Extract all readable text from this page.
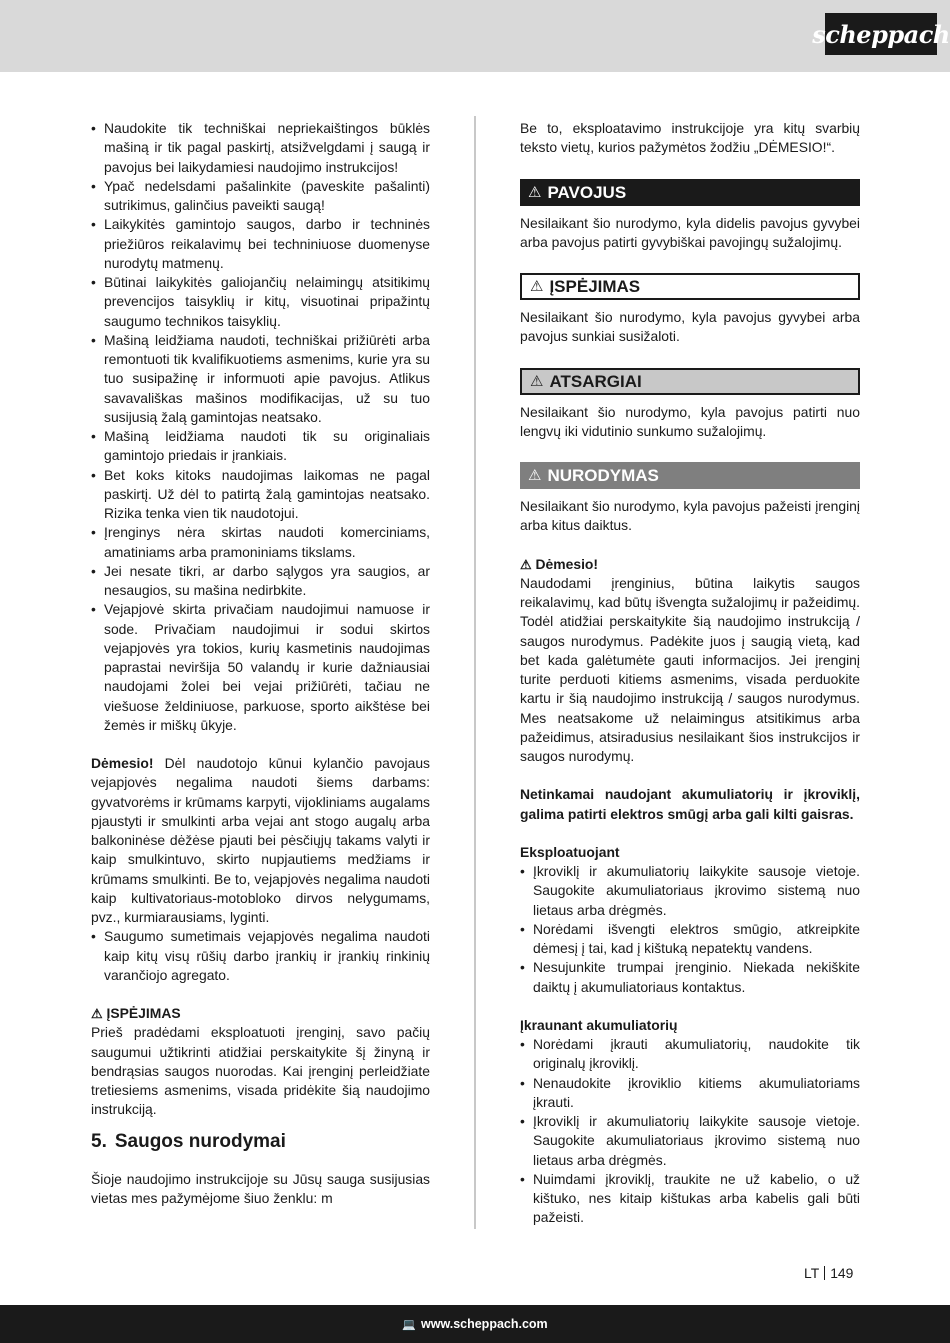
scheppach
• Naudokite tik techniškai nepriekaištingos būklės mašiną ir tik pagal paskirtį, atsižvelgdami į saugą ir pavojus bei laikydamiesi naudojimo instrukcijos!
• Ypač nedelsdami pašalinkite (paveskite pašalinti) sutrikimus, galinčius paveikti saugą!
• Laikykitės gamintojo saugos, darbo ir techninės priežiūros reikalavimų bei techniniuose duomenyse nurodytų matmenų.
• Būtinai laikykitės galiojančių nelaimingų atsitikimų prevencijos taisyklių ir kitų, visuotinai pripažintų saugumo technikos taisyklių.
• Mašiną leidžiama naudoti, techniškai prižiūrėti arba remontuoti tik kvalifikuotiems asmenims, kurie yra su tuo susipažinę ir informuoti apie pavojus. Atlikus savavališkas mašinos modifikacijas, už su tuo susijusią žalą gamintojas neatsako.
• Mašiną leidžiama naudoti tik su originaliais gamintojo priedais ir įrankiais.
• Bet koks kitoks naudojimas laikomas ne pagal paskirtį. Už dėl to patirtą žalą gamintojas neatsako. Rizika tenka vien tik naudotojui.
• Įrenginys nėra skirtas naudoti komerciniams, amatiniams arba pramoniniams tikslams.
• Jei nesate tikri, ar darbo sąlygos yra saugios, ar nesaugios, su mašina nedirbkite.
• Vejapjovė skirta privačiam naudojimui namuose ir sode. Privačiam naudojimui ir sodui skirtos vejapjovės yra tokios, kurių kasmetinis naudojimas paprastai neviršija 50 valandų ir kurie dažniausiai naudojami žolei bei vejai prižiūrėti, tačiau ne viešuose želdiniuose, parkuose, sporto aikštėse bei žemės ir miškų ūkyje.

Dėmesio! Dėl naudotojo kūnui kylančio pavojaus vejapjovės negalima naudoti šiems darbams: gyvatvorėms ir krūmams karpyti, vijokliniams augalams pjaustyti ir smulkinti arba vejai ant stogo augalų arba balkoninėse dėžėse pjauti bei pėsčiųjų takams valyti ir kaip smulkintuvo, skirto nupjautiems medžiams ir krūmams smulkinti. Be to, vejapjovės negalima naudoti kaip kultivatoriaus-motobloko dirvos nelygumams, pvz., kurmiarausiams, lyginti.

• Saugumo sumetimais vejapjovės negalima naudoti kaip kitų visų rūšių darbo įrankių ir įrankių rinkinių varančiojo agregato.

⚠ ĮSPĖJIMAS

Prieš pradėdami eksploatuoti įrenginį, savo pačių saugumui užtikrinti atidžiai perskaitykite šį žinyną ir bendrąsias saugos nuorodas. Kai įrenginį perleidžiate tretiesiems asmenims, visada pridėkite šią naudojimo instrukciją.

5. Saugos nurodymai

Šioje naudojimo instrukcijoje su Jūsų sauga susijusias vietas mes pažymėjome šiuo ženklu: m

Be to, eksploatavimo instrukcijoje yra kitų svarbių teksto vietų, kurios pažymėtos žodžiu „DĖMESIO!“.

⚠ PAVOJUS

Nesilaikant šio nurodymo, kyla didelis pavojus gyvybei arba pavojus patirti gyvybiškai pavojingų sužalojimų.

⚠ ĮSPĖJIMAS

Nesilaikant šio nurodymo, kyla pavojus gyvybei arba pavojus sunkiai susižaloti.

⚠ ATSARGIAI

Nesilaikant šio nurodymo, kyla pavojus patirti nuo lengvų iki vidutinio sunkumo sužalojimų.

⚠ NURODYMAS

Nesilaikant šio nurodymo, kyla pavojus pažeisti įrenginį arba kitus daiktus.

⚠ Dėmesio!

Naudodami įrenginius, būtina laikytis saugos reikalavimų, kad būtų išvengta sužalojimų ir pažeidimų. Todėl atidžiai perskaitykite šią naudojimo instrukciją / saugos nurodymus. Padėkite juos į saugią vietą, kad bet kada galėtumėte gauti informacijos. Jei įrenginį turite perduoti kitiems asmenims, visada perduokite kartu ir šią naudojimo instrukciją / saugos nurodymus. Mes neatsakome už nelaimingus atsitikimus arba pažeidimus, atsiradusius nesilaikant šios instrukcijos ir saugos nurodymų.

Netinkamai naudojant akumuliatorių ir įkroviklį, galima patirti elektros smūgį arba gali kilti gaisras.

Eksploatuojant

• Įkroviklį ir akumuliatorių laikykite sausoje vietoje. Saugokite akumuliatoriaus įkrovimo sistemą nuo lietaus arba drėgmės.
• Norėdami išvengti elektros smūgio, atkreipkite dėmesį į tai, kad į kištuką nepatektų vandens.
• Nesujunkite trumpai įrenginio. Niekada nekiškite daiktų į akumuliatoriaus kontaktus.

Įkraunant akumuliatorių

• Norėdami įkrauti akumuliatorių, naudokite tik originalų įkroviklį.
• Nenaudokite įkroviklio kitiems akumuliatoriams įkrauti.
• Įkroviklį ir akumuliatorių laikykite sausoje vietoje. Saugokite akumuliatoriaus įkrovimo sistemą nuo lietaus arba drėgmės.
• Nuimdami įkroviklį, traukite ne už kabelio, o už kištuko, nes kitaip kištukas arba kabelis gali būti pažeisti.
LT 149
💻 www.scheppach.com
